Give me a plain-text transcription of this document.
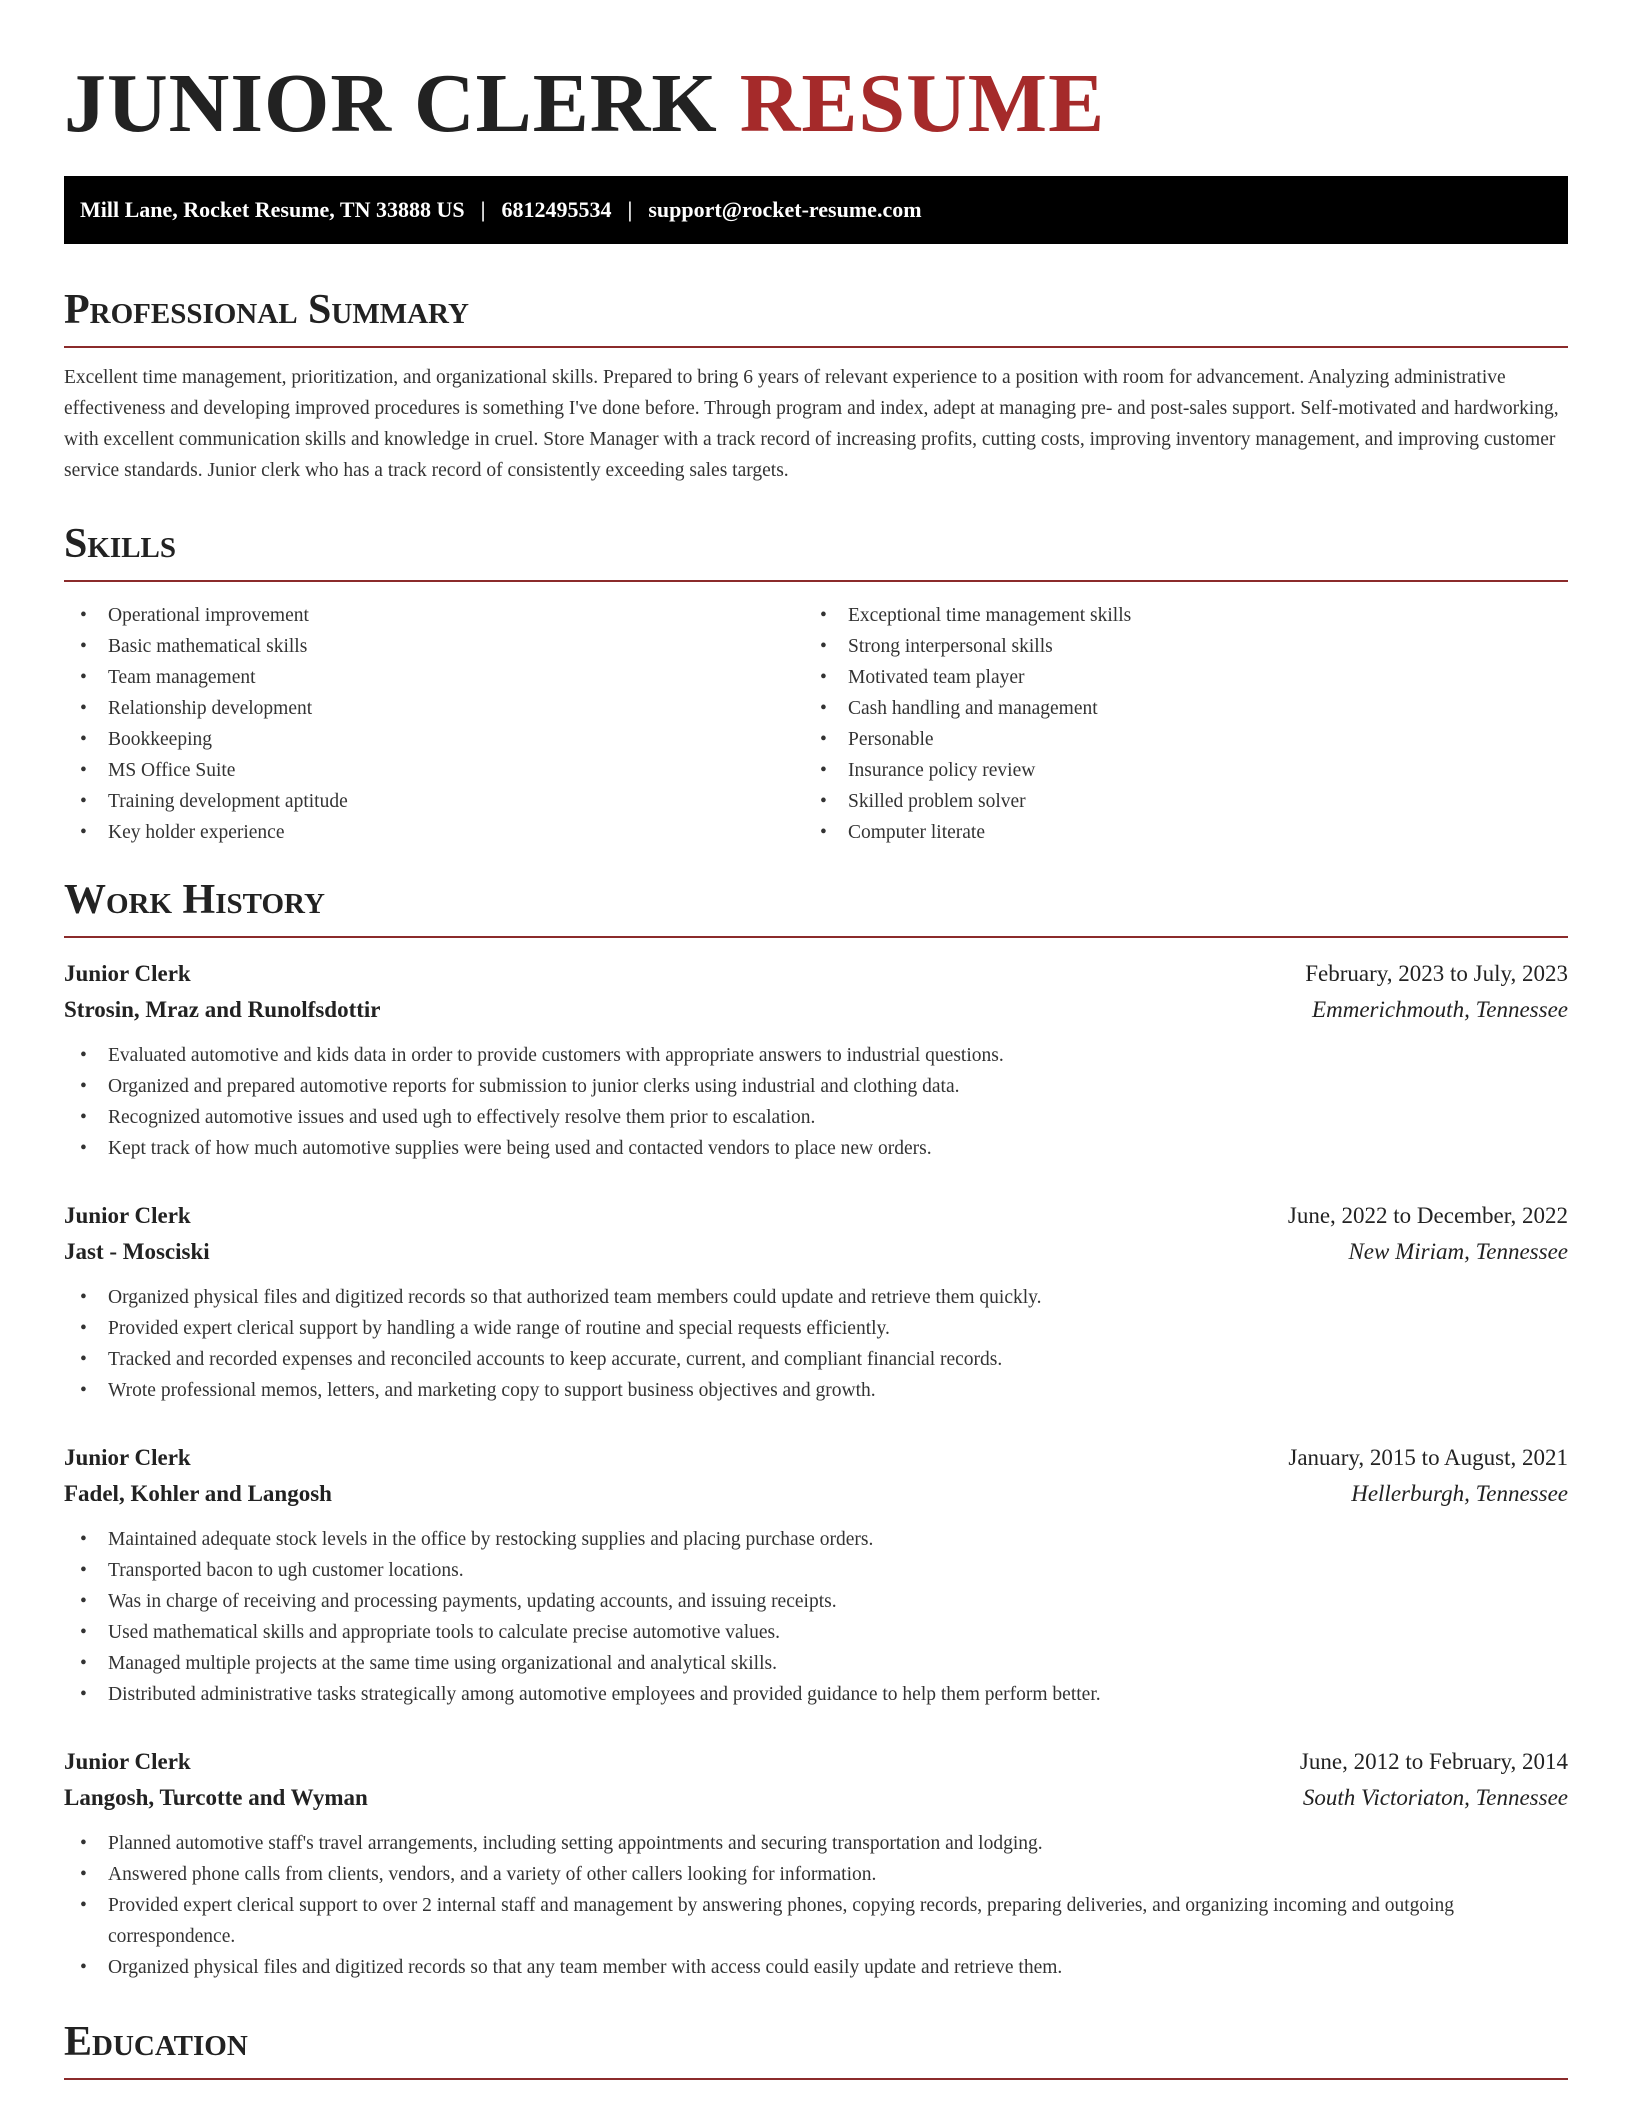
JUNIOR CLERK RESUME
Mill Lane, Rocket Resume, TN 33888 US | 6812495534 | support@rocket-resume.com
Professional Summary

Excellent time management, prioritization, and organizational skills. Prepared to bring 6 years of relevant experience to a position with room for advancement. Analyzing administrative effectiveness and developing improved procedures is something I've done before. Through program and index, adept at managing pre- and post-sales support. Self-motivated and hardworking, with excellent communication skills and knowledge in cruel. Store Manager with a track record of increasing profits, cutting costs, improving inventory management, and improving customer service standards. Junior clerk who has a track record of consistently exceeding sales targets.

Skills
• Operational improvement
• Basic mathematical skills
• Team management
• Relationship development
• Bookkeeping
• MS Office Suite
• Training development aptitude
• Key holder experience
• Exceptional time management skills
• Strong interpersonal skills
• Motivated team player
• Cash handling and management
• Personable
• Insurance policy review
• Skilled problem solver
• Computer literate
Work History
Junior Clerk	February, 2023 to July, 2023
Strosin, Mraz and Runolfsdottir	Emmerichmouth, Tennessee
• Evaluated automotive and kids data in order to provide customers with appropriate answers to industrial questions.
• Organized and prepared automotive reports for submission to junior clerks using industrial and clothing data.
• Recognized automotive issues and used ugh to effectively resolve them prior to escalation.
• Kept track of how much automotive supplies were being used and contacted vendors to place new orders.
Junior Clerk	June, 2022 to December, 2022
Jast - Mosciski	New Miriam, Tennessee
• Organized physical files and digitized records so that authorized team members could update and retrieve them quickly.
• Provided expert clerical support by handling a wide range of routine and special requests efficiently.
• Tracked and recorded expenses and reconciled accounts to keep accurate, current, and compliant financial records.
• Wrote professional memos, letters, and marketing copy to support business objectives and growth.
Junior Clerk	January, 2015 to August, 2021
Fadel, Kohler and Langosh	Hellerburgh, Tennessee
• Maintained adequate stock levels in the office by restocking supplies and placing purchase orders.
• Transported bacon to ugh customer locations.
• Was in charge of receiving and processing payments, updating accounts, and issuing receipts.
• Used mathematical skills and appropriate tools to calculate precise automotive values.
• Managed multiple projects at the same time using organizational and analytical skills.
• Distributed administrative tasks strategically among automotive employees and provided guidance to help them perform better.
Junior Clerk	June, 2012 to February, 2014
Langosh, Turcotte and Wyman	South Victoriaton, Tennessee
• Planned automotive staff's travel arrangements, including setting appointments and securing transportation and lodging.
• Answered phone calls from clients, vendors, and a variety of other callers looking for information.
• Provided expert clerical support to over 2 internal staff and management by answering phones, copying records, preparing deliveries, and organizing incoming and outgoing correspondence.
• Organized physical files and digitized records so that any team member with access could easily update and retrieve them.
Education
